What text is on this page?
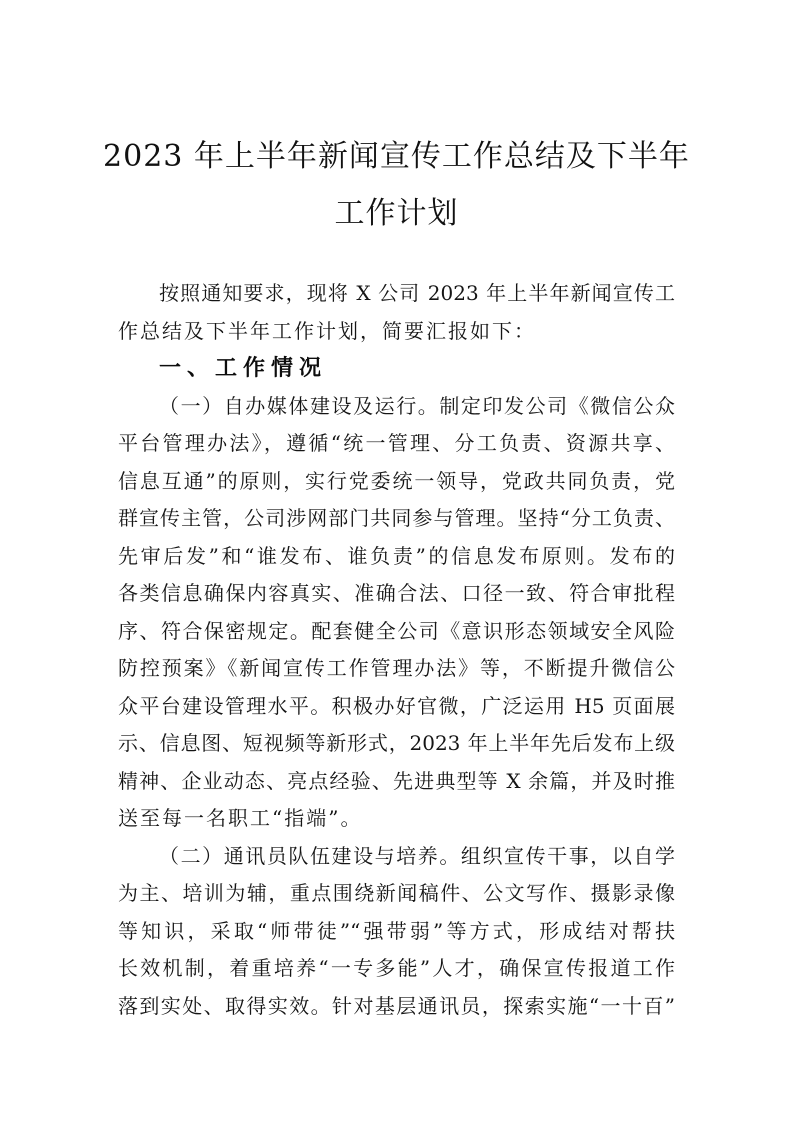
2023 年上半年新闻宣传工作总结及下半年
工作计划
按照通知要求，现将 X 公司 2023 年上半年新闻宣传工
作总结及下半年工作计划，简要汇报如下：
一、工作情况
（一）自办媒体建设及运行。制定印发公司《微信公众
平台管理办法》，遵循“统一管理、分工负责、资源共享、
信息互通”的原则，实行党委统一领导，党政共同负责，党
群宣传主管，公司涉网部门共同参与管理。坚持“分工负责、
先审后发”和“谁发布、谁负责”的信息发布原则。发布的
各类信息确保内容真实、准确合法、口径一致、符合审批程
序、符合保密规定。配套健全公司《意识形态领域安全风险
防控预案》《新闻宣传工作管理办法》等，不断提升微信公
众平台建设管理水平。积极办好官微，广泛运用 H5 页面展
示、信息图、短视频等新形式，2023 年上半年先后发布上级
精神、企业动态、亮点经验、先进典型等 X 余篇，并及时推
送至每一名职工“指端”。
（二）通讯员队伍建设与培养。组织宣传干事，以自学
为主、培训为辅，重点围绕新闻稿件、公文写作、摄影录像
等知识，采取“师带徒”“强带弱”等方式，形成结对帮扶
长效机制，着重培养“一专多能”人才，确保宣传报道工作
落到实处、取得实效。针对基层通讯员，探索实施“一十百”
